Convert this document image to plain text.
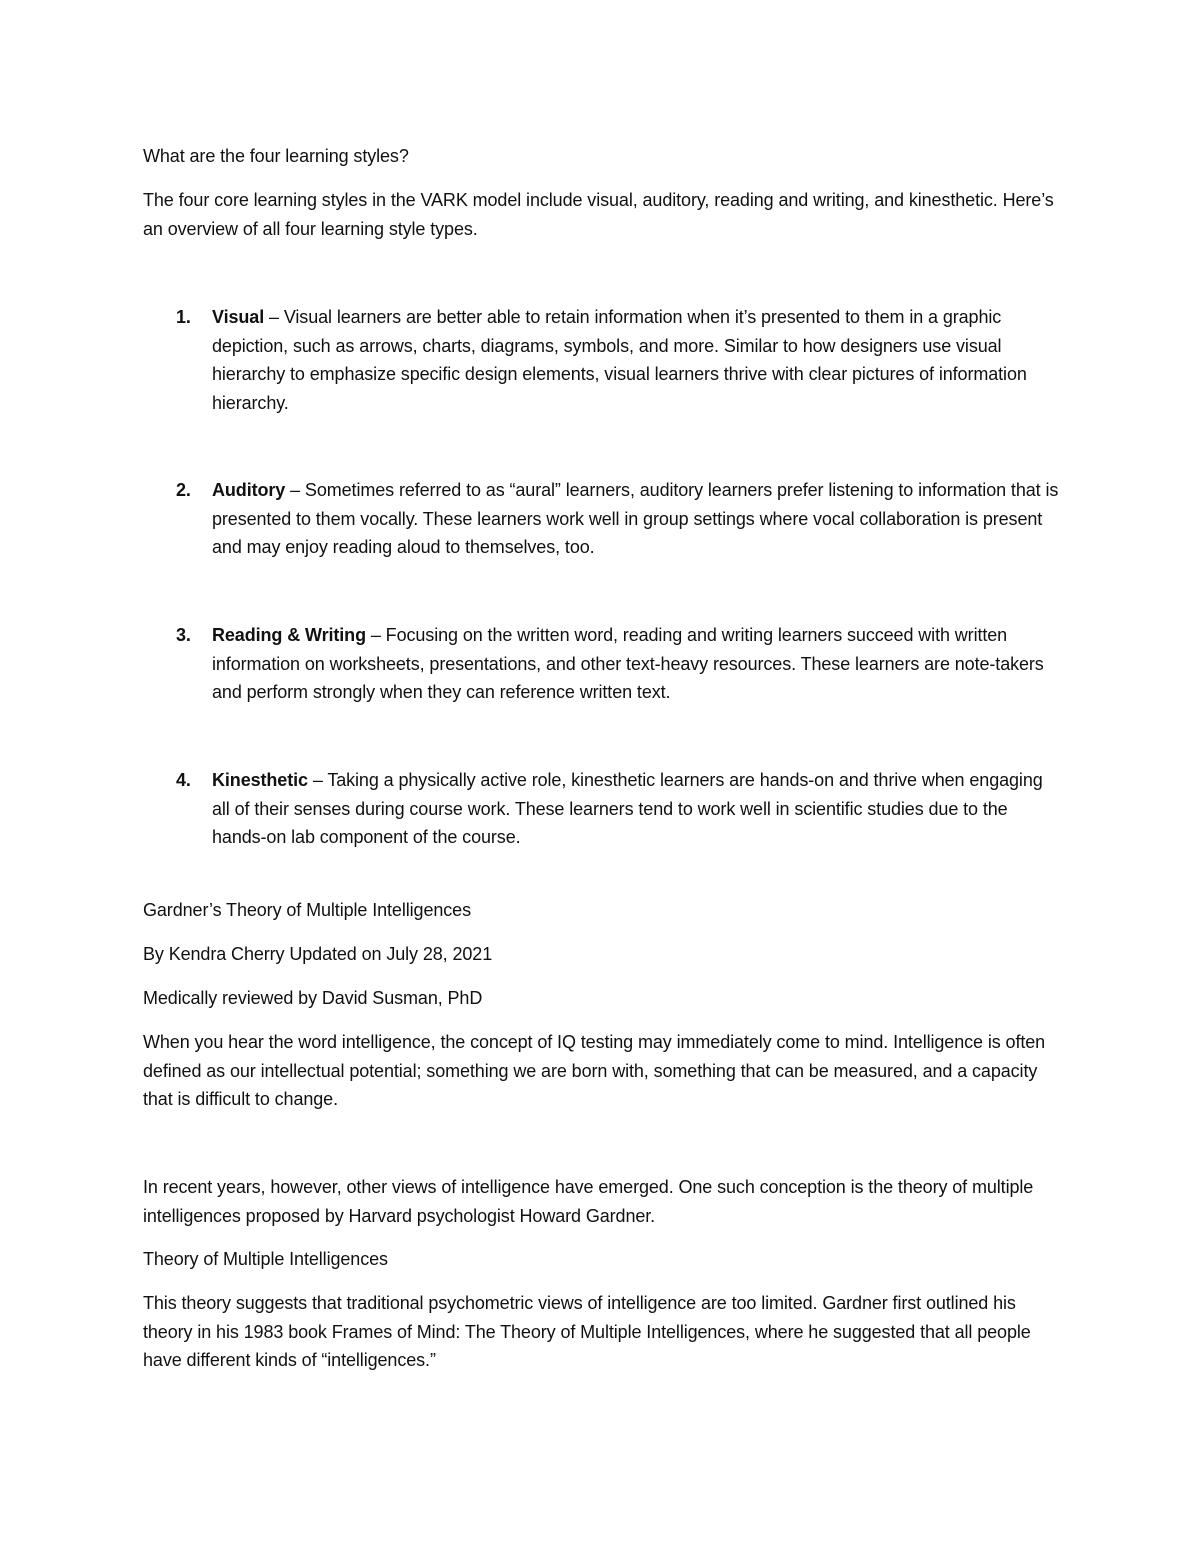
What are the four learning styles?

The four core learning styles in the VARK model include visual, auditory, reading and writing, and kinesthetic. Here’s an overview of all four learning style types.

1. Visual – Visual learners are better able to retain information when it’s presented to them in a graphic depiction, such as arrows, charts, diagrams, symbols, and more. Similar to how designers use visual hierarchy to emphasize specific design elements, visual learners thrive with clear pictures of information hierarchy.
2. Auditory – Sometimes referred to as “aural” learners, auditory learners prefer listening to information that is presented to them vocally. These learners work well in group settings where vocal collaboration is present and may enjoy reading aloud to themselves, too.
3. Reading & Writing – Focusing on the written word, reading and writing learners succeed with written information on worksheets, presentations, and other text-heavy resources. These learners are note-takers and perform strongly when they can reference written text.
4. Kinesthetic – Taking a physically active role, kinesthetic learners are hands-on and thrive when engaging all of their senses during course work. These learners tend to work well in scientific studies due to the hands-on lab component of the course.

Gardner’s Theory of Multiple Intelligences

By Kendra Cherry Updated on July 28, 2021

Medically reviewed by David Susman, PhD

When you hear the word intelligence, the concept of IQ testing may immediately come to mind. Intelligence is often defined as our intellectual potential; something we are born with, something that can be measured, and a capacity that is difficult to change.

In recent years, however, other views of intelligence have emerged. One such conception is the theory of multiple intelligences proposed by Harvard psychologist Howard Gardner.

Theory of Multiple Intelligences

This theory suggests that traditional psychometric views of intelligence are too limited. Gardner first outlined his theory in his 1983 book Frames of Mind: The Theory of Multiple Intelligences, where he suggested that all people have different kinds of “intelligences.”
